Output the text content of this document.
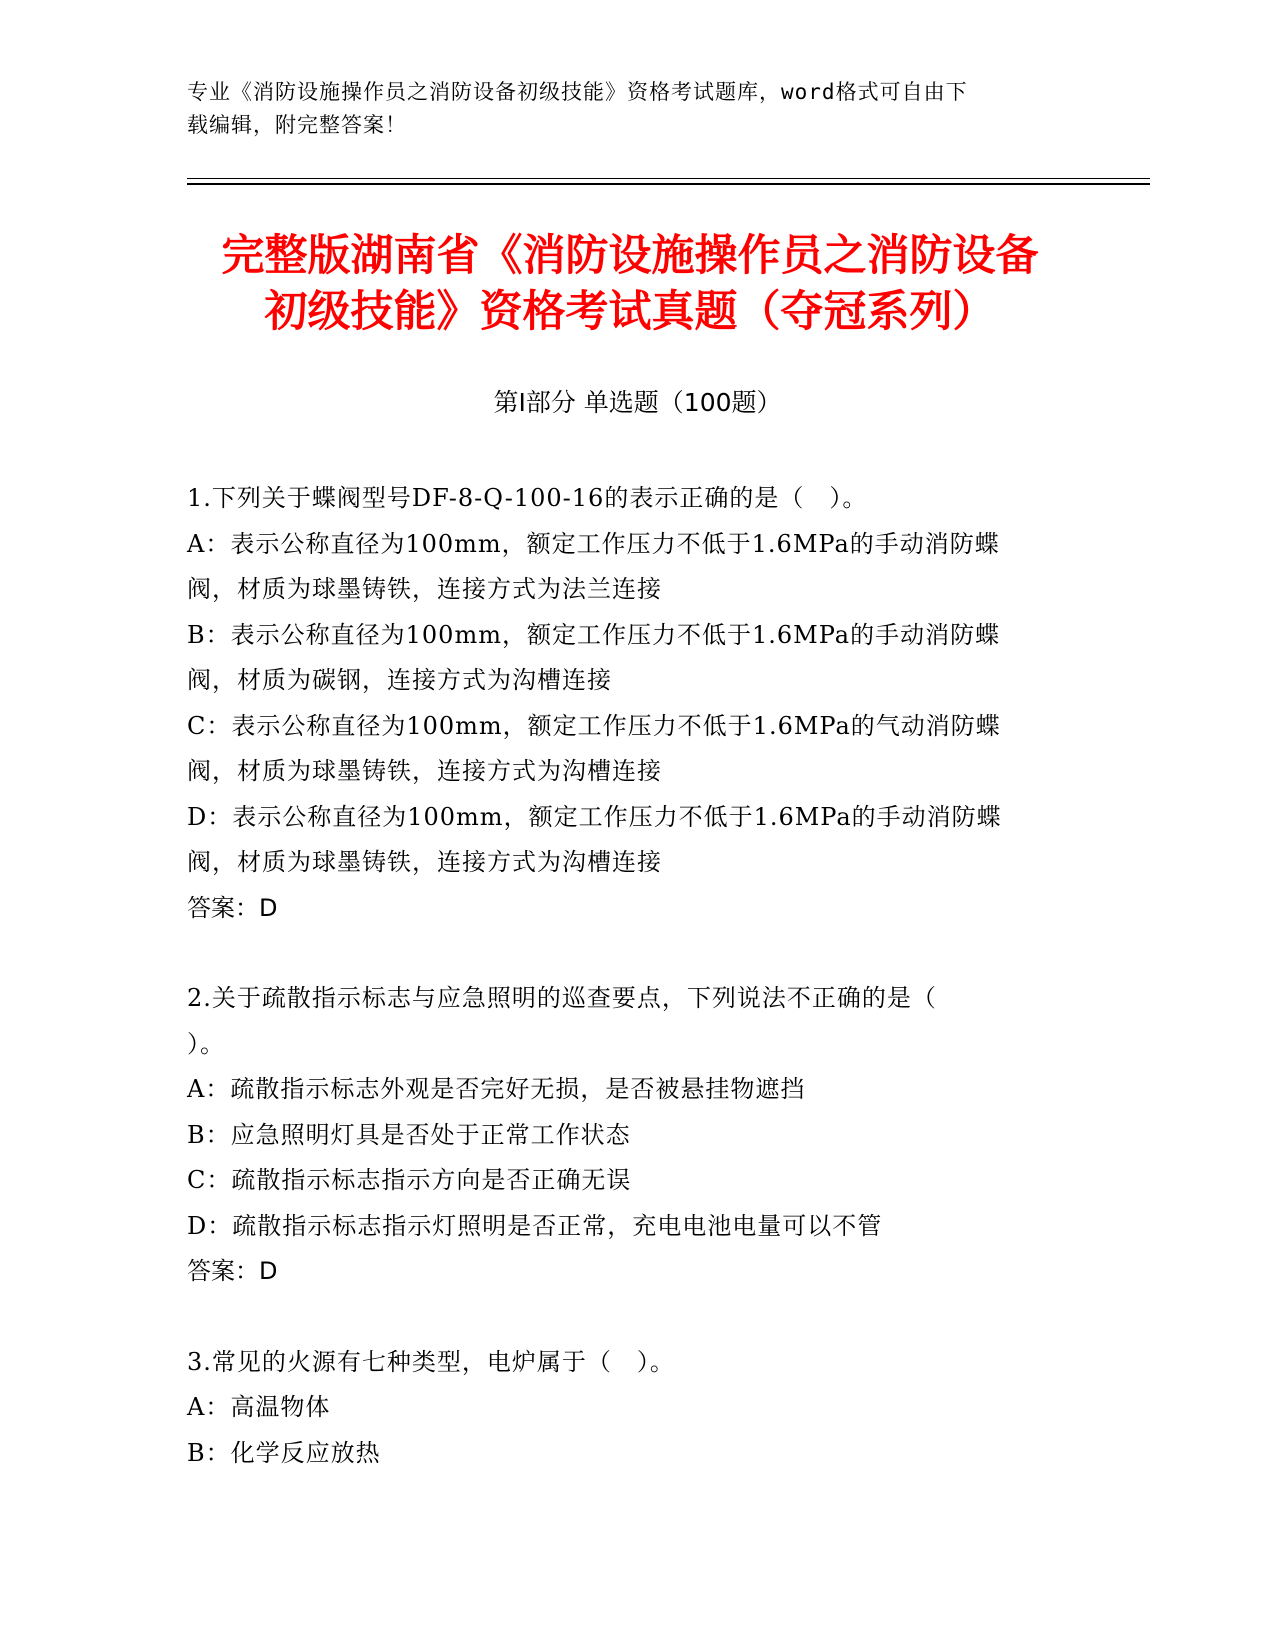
专业《消防设施操作员之消防设备初级技能》资格考试题库，word格式可自由下
载编辑，附完整答案！
完整版湖南省《消防设施操作员之消防设备
初级技能》资格考试真题（夺冠系列）
第Ⅰ部分 单选题（100题）
1.下列关于蝶阀型号DF-8-Q-100-16的表示正确的是（　）。
A：表示公称直径为100mm，额定工作压力不低于1.6MPa的手动消防蝶
阀，材质为球墨铸铁，连接方式为法兰连接
B：表示公称直径为100mm，额定工作压力不低于1.6MPa的手动消防蝶
阀，材质为碳钢，连接方式为沟槽连接
C：表示公称直径为100mm，额定工作压力不低于1.6MPa的气动消防蝶
阀，材质为球墨铸铁，连接方式为沟槽连接
D：表示公称直径为100mm，额定工作压力不低于1.6MPa的手动消防蝶
阀，材质为球墨铸铁，连接方式为沟槽连接
答案：D
2.关于疏散指示标志与应急照明的巡查要点，下列说法不正确的是（
）。
A：疏散指示标志外观是否完好无损，是否被悬挂物遮挡
B：应急照明灯具是否处于正常工作状态
C：疏散指示标志指示方向是否正确无误
D：疏散指示标志指示灯照明是否正常，充电电池电量可以不管
答案：D
3.常见的火源有七种类型，电炉属于（　）。
A：高温物体
B：化学反应放热
